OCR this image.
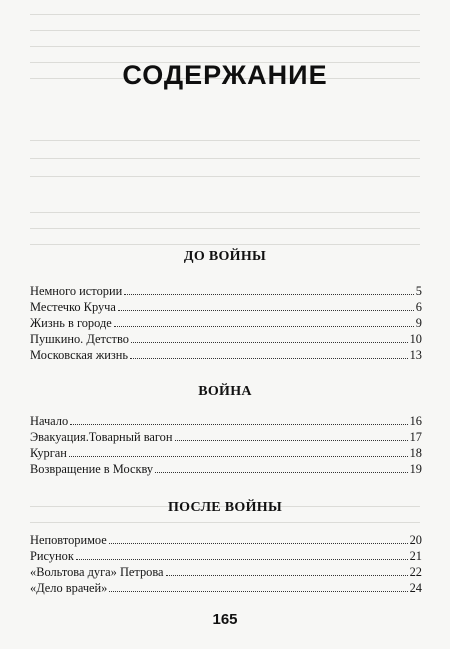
СОДЕРЖАНИЕ
ДО ВОЙНЫ
Немного истории	5
Местечко Круча	6
Жизнь в городе	9
Пушкино. Детство	10
Московская жизнь	13
ВОЙНА
Начало	16
Эвакуация.Товарный вагон	17
Курган	18
Возвращение в Москву	19
ПОСЛЕ ВОЙНЫ
Неповторимое	20
Рисунок	21
«Вольтова дуга» Петрова	22
«Дело врачей»	24
165
